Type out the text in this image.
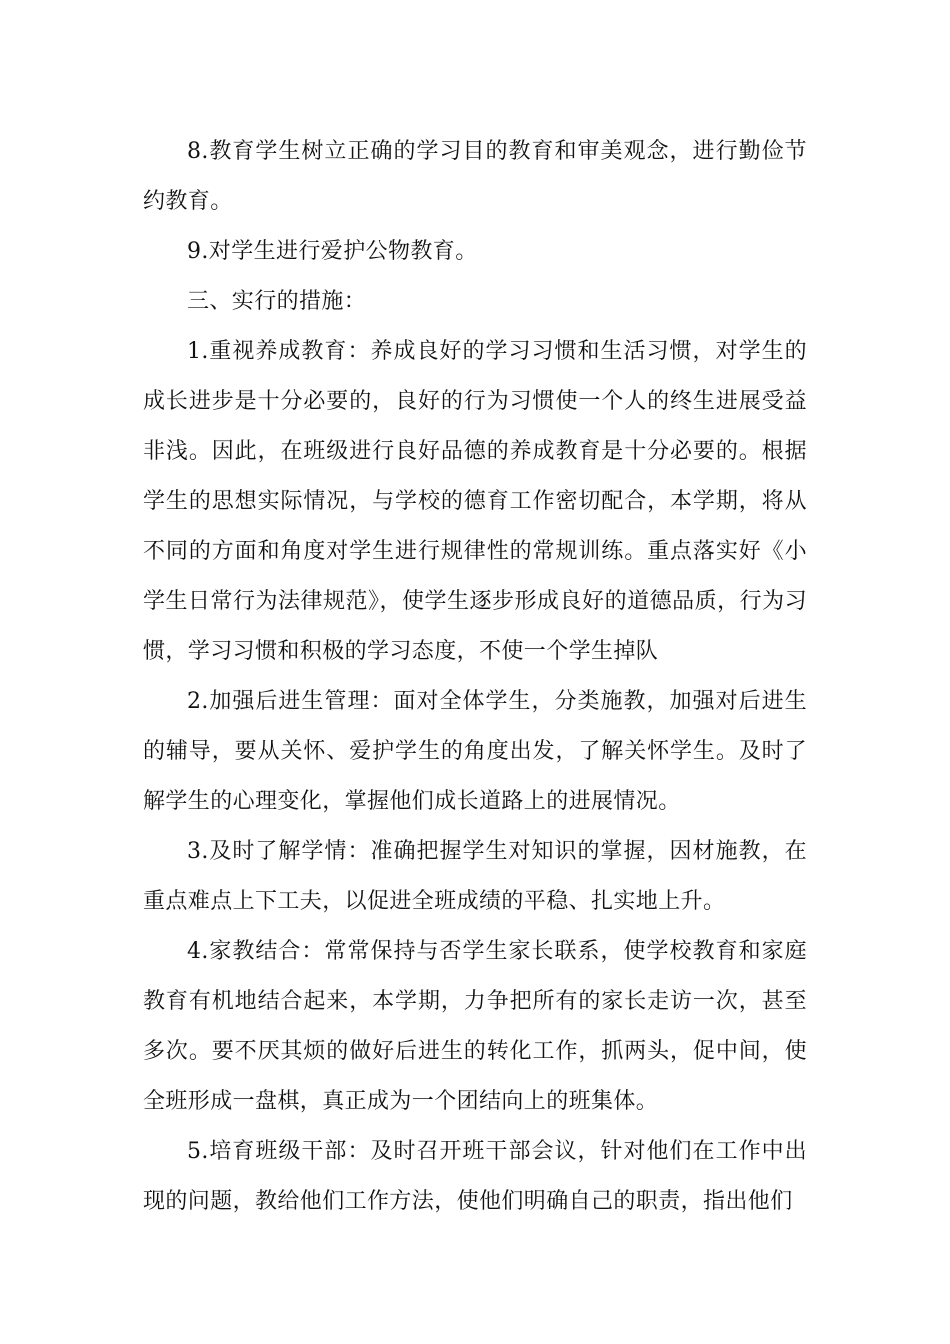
8.教育学生树立正确的学习目的教育和审美观念，进行勤俭节约教育。

9.对学生进行爱护公物教育。

三、实行的措施：

1.重视养成教育：养成良好的学习习惯和生活习惯，对学生的成长进步是十分必要的，良好的行为习惯使一个人的终生进展受益非浅。因此，在班级进行良好品德的养成教育是十分必要的。根据学生的思想实际情况，与学校的德育工作密切配合，本学期，将从不同的方面和角度对学生进行规律性的常规训练。重点落实好《小学生日常行为法律规范》，使学生逐步形成良好的道德品质，行为习惯，学习习惯和积极的学习态度，不使一个学生掉队

2.加强后进生管理：面对全体学生，分类施教，加强对后进生的辅导，要从关怀、爱护学生的角度出发，了解关怀学生。及时了解学生的心理变化，掌握他们成长道路上的进展情况。

3.及时了解学情：准确把握学生对知识的掌握，因材施教，在重点难点上下工夫，以促进全班成绩的平稳、扎实地上升。

4.家教结合：常常保持与否学生家长联系，使学校教育和家庭教育有机地结合起来，本学期，力争把所有的家长走访一次，甚至多次。要不厌其烦的做好后进生的转化工作，抓两头，促中间，使全班形成一盘棋，真正成为一个团结向上的班集体。

5.培育班级干部：及时召开班干部会议，针对他们在工作中出现的问题，教给他们工作方法，使他们明确自己的职责，指出他们
